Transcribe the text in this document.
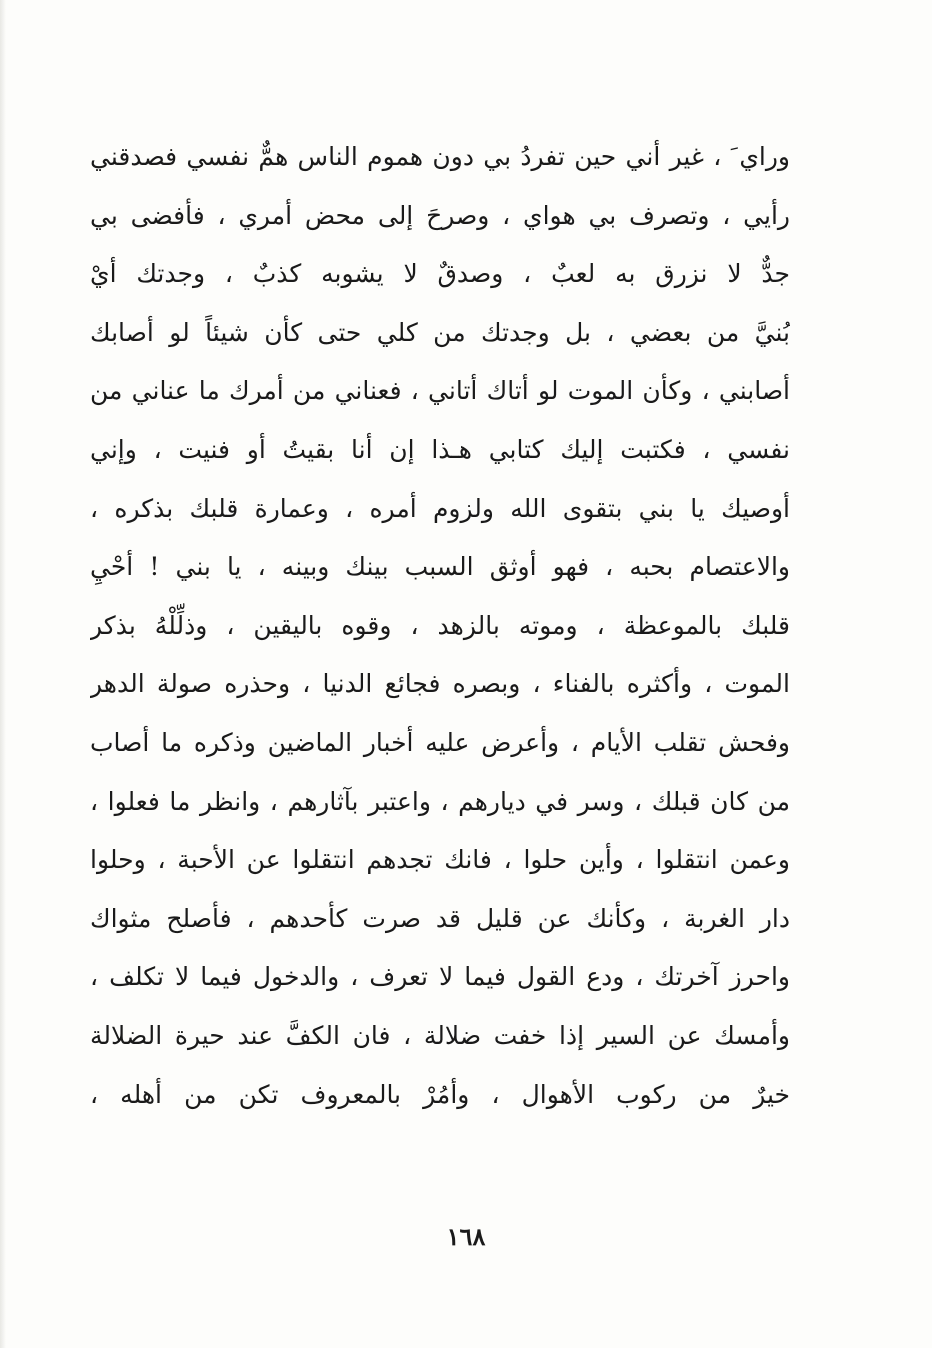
وراي َ ، غير أني حين تفردُ بي دون هموم الناس همٌّ نفسي فصدقني
رأيي ، وتصرف بي هواي ، وصرحَ إلى محض أمري ، فأفضى بي
جدٌّ لا نزرق به لعبٌ ، وصدقٌ لا يشوبه كذبٌ ، وجدتك أيْ
بُنيَّ من بعضي ، بل وجدتك من كلي حتى كأن شيئاً لو أصابك
أصابني ، وكأن الموت لو أتاك أتاني ، فعناني من أمرك ما عناني من
نفسي ، فكتبت إليك كتابي هـذا إن أنا بقيتُ أو فنيت ، وإني
أوصيك يا بني بتقوى الله ولزوم أمره ، وعمارة قلبك بذكره ،
والاعتصام بحبه ، فهو أوثق السبب بينك وبينه ، يا بني ! أحْيِ
قلبك بالموعظة ، وموته بالزهد ، وقوه باليقين ، وذلِّلْهُ بذكر
الموت ، وأكثره بالفناء ، وبصره فجائع الدنيا ، وحذره صولة الدهر
وفحش تقلب الأيام ، وأعرض عليه أخبار الماضين وذكره ما أصاب
من كان قبلك ، وسر في ديارهم ، واعتبر بآثارهم ، وانظر ما فعلوا ،
وعمن انتقلوا ، وأين حلوا ، فانك تجدهم انتقلوا عن الأحبة ، وحلوا
دار الغربة ، وكأنك عن قليل قد صرت كأحدهم ، فأصلح مثواك
واحرز آخرتك ، ودع القول فيما لا تعرف ، والدخول فيما لا تكلف ،
وأمسك عن السير إذا خفت ضلالة ، فان الكفَّ عند حيرة الضلالة
خيرٌ من ركوب الأهوال ، وأمُرْ بالمعروف تكن من أهله ،
١٦٨
